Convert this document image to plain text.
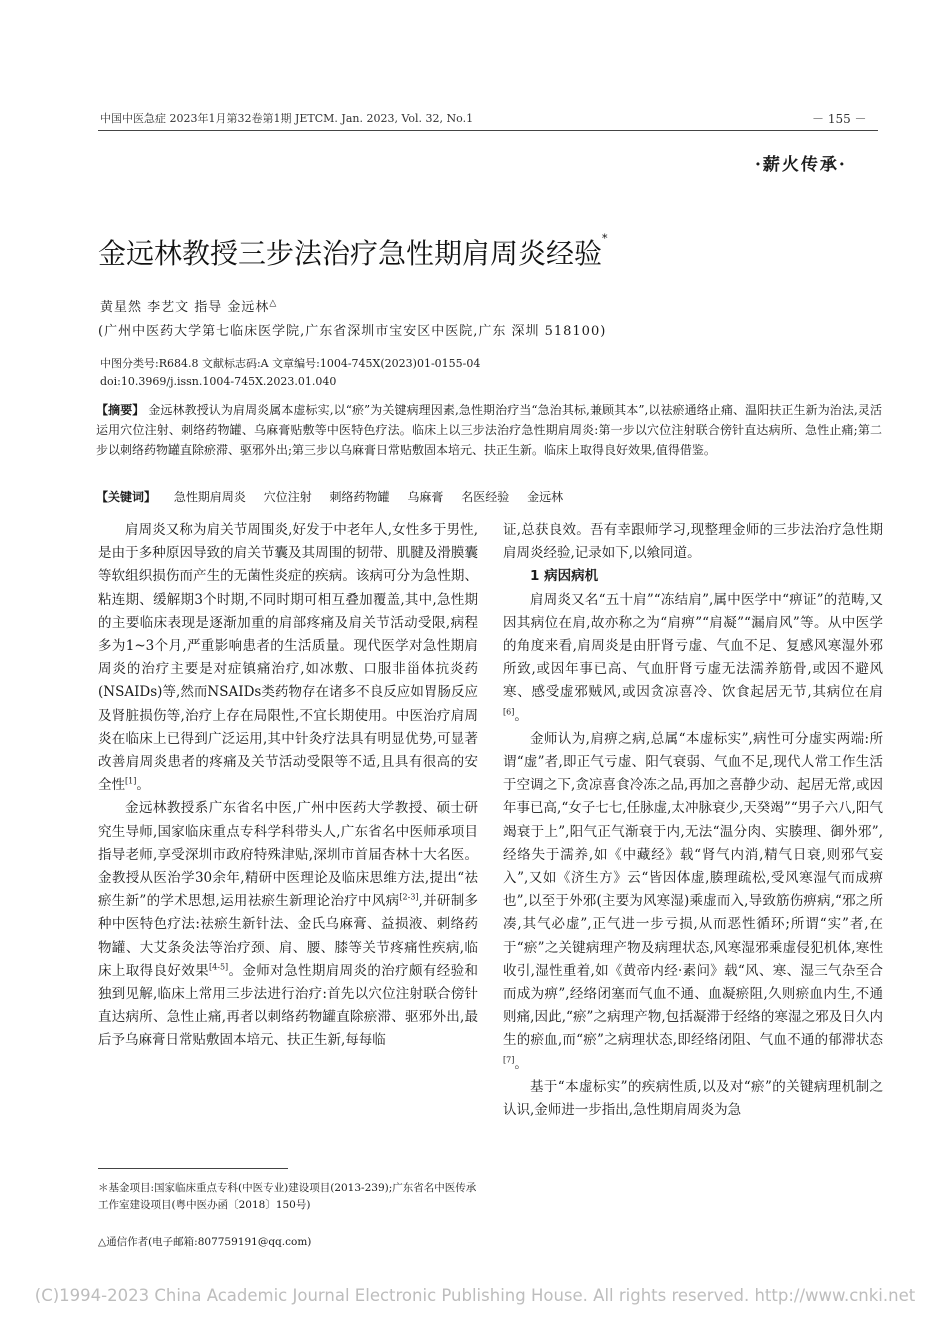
中国中医急症 2023年1月第32卷第1期 JETCM. Jan. 2023, Vol. 32, No.1	－ 155 －
·薪火传承·
金远林教授三步法治疗急性期肩周炎经验*
黄星然 李艺文 指导 金远林△
(广州中医药大学第七临床医学院,广东省深圳市宝安区中医院,广东 深圳 518100)
中图分类号:R684.8 文献标志码:A 文章编号:1004-745X(2023)01-0155-04
doi:10.3969/j.issn.1004-745X.2023.01.040
【摘要】 金远林教授认为肩周炎属本虚标实,以“瘀”为关键病理因素,急性期治疗当“急治其标,兼顾其本”,以祛瘀通络止痛、温阳扶正生新为治法,灵活运用穴位注射、刺络药物罐、乌麻膏贴敷等中医特色疗法。临床上以三步法治疗急性期肩周炎:第一步以穴位注射联合傍针直达病所、急性止痛;第二步以刺络药物罐直除瘀滞、驱邪外出;第三步以乌麻膏日常贴敷固本培元、扶正生新。临床上取得良好效果,值得借鉴。
【关键词】 急性期肩周炎 穴位注射 刺络药物罐 乌麻膏 名医经验 金远林

肩周炎又称为肩关节周围炎,好发于中老年人,女性多于男性,是由于多种原因导致的肩关节囊及其周围的韧带、肌腱及滑膜囊等软组织损伤而产生的无菌性炎症的疾病。该病可分为急性期、粘连期、缓解期3个时期,不同时期可相互叠加覆盖,其中,急性期的主要临床表现是逐渐加重的肩部疼痛及肩关节活动受限,病程多为1~3个月,严重影响患者的生活质量。现代医学对急性期肩周炎的治疗主要是对症镇痛治疗,如冰敷、口服非甾体抗炎药(NSAIDs)等,然而NSAIDs类药物存在诸多不良反应如胃肠反应及肾脏损伤等,治疗上存在局限性,不宜长期使用。中医治疗肩周炎在临床上已得到广泛运用,其中针灸疗法具有明显优势,可显著改善肩周炎患者的疼痛及关节活动受限等不适,且具有很高的安全性[1]。

金远林教授系广东省名中医,广州中医药大学教授、硕士研究生导师,国家临床重点专科学科带头人,广东省名中医师承项目指导老师,享受深圳市政府特殊津贴,深圳市首届杏林十大名医。金教授从医治学30余年,精研中医理论及临床思维方法,提出“祛瘀生新”的学术思想,运用祛瘀生新理论治疗中风病[2-3],并研制多种中医特色疗法:祛瘀生新针法、金氏乌麻膏、益损液、刺络药物罐、大艾条灸法等治疗颈、肩、腰、膝等关节疼痛性疾病,临床上取得良好效果[4-5]。金师对急性期肩周炎的治疗颇有经验和独到见解,临床上常用三步法进行治疗:首先以穴位注射联合傍针直达病所、急性止痛,再者以刺络药物罐直除瘀滞、驱邪外出,最后予乌麻膏日常贴敷固本培元、扶正生新,每每临

证,总获良效。吾有幸跟师学习,现整理金师的三步法治疗急性期肩周炎经验,记录如下,以飨同道。

1 病因病机

肩周炎又名“五十肩”“冻结肩”,属中医学中“痹证”的范畴,又因其病位在肩,故亦称之为“肩痹”“肩凝”“漏肩风”等。从中医学的角度来看,肩周炎是由肝肾亏虚、气血不足、复感风寒湿外邪所致,或因年事已高、气血肝肾亏虚无法濡养筋骨,或因不避风寒、感受虚邪贼风,或因贪凉喜冷、饮食起居无节,其病位在肩[6]。

金师认为,肩痹之病,总属“本虚标实”,病性可分虚实两端:所谓“虚”者,即正气亏虚、阳气衰弱、气血不足,现代人常工作生活于空调之下,贪凉喜食冷冻之品,再加之喜静少动、起居无常,或因年事已高,“女子七七,任脉虚,太冲脉衰少,天癸竭”“男子六八,阳气竭衰于上”,阳气正气渐衰于内,无法“温分肉、实腠理、御外邪”,经络失于濡养,如《中藏经》载“肾气内消,精气日衰,则邪气妄入”,又如《济生方》云“皆因体虚,腠理疏松,受风寒湿气而成痹也”,以至于外邪(主要为风寒湿)乘虚而入,导致筋伤痹病,“邪之所凑,其气必虚”,正气进一步亏损,从而恶性循环;所谓“实”者,在于“瘀”之关键病理产物及病理状态,风寒湿邪乘虚侵犯机体,寒性收引,湿性重着,如《黄帝内经·素问》载“风、寒、湿三气杂至合而成为痹”,经络闭塞而气血不通、血凝瘀阻,久则瘀血内生,不通则痛,因此,“瘀”之病理产物,包括凝滞于经络的寒湿之邪及日久内生的瘀血,而“瘀”之病理状态,即经络闭阻、气血不通的郁滞状态[7]。

基于“本虚标实”的疾病性质,以及对“瘀”的关键病理机制之认识,金师进一步指出,急性期肩周炎为急

＊基金项目:国家临床重点专科(中医专业)建设项目(2013-239);广东省名中医传承工作室建设项目(粤中医办函〔2018〕150号)
△通信作者(电子邮箱:807759191@qq.com)
(C)1994-2023 China Academic Journal Electronic Publishing House. All rights reserved. http://www.cnki.net
